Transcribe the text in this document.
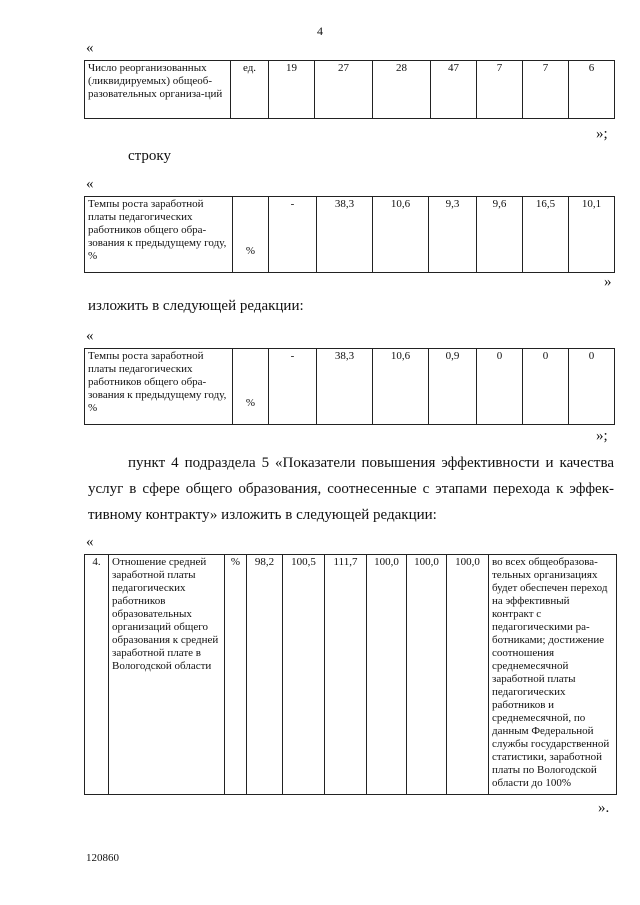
4
«
Число реорганизованных (ликвидируемых) общеоб-разовательных организа-ций	ед.	19	27	28	47	7	7	6
»;
строку
«
Темпы роста заработной платы педагогических работников общего обра-зования к предыдущему году, %	%	-	38,3	10,6	9,3	9,6	16,5	10,1
»
изложить в следующей редакции:
«
Темпы роста заработной платы педагогических работников общего обра-зования к предыдущему году, %	%	-	38,3	10,6	0,9	0	0	0
»;
пункт 4 подраздела 5 «Показатели повышения эффективности и качества услуг в сфере общего образования, соотнесенные с этапами перехода к эффек-тивному контракту» изложить в следующей редакции:
«
4.	Отношение средней заработной платы педагогических работников образовательных организаций общего образования к средней заработной плате в Вологодской области	%	98,2	100,5	111,7	100,0	100,0	100,0	во всех общеобразова-тельных организациях будет обеспечен переход на эффективный контракт с педагогическими ра-ботниками; достижение соотношения среднемесячной заработной платы педагогических работников и среднемесячной, по данным Федеральной службы государственной статистики, заработной платы по Вологодской области до 100%
».
120860
